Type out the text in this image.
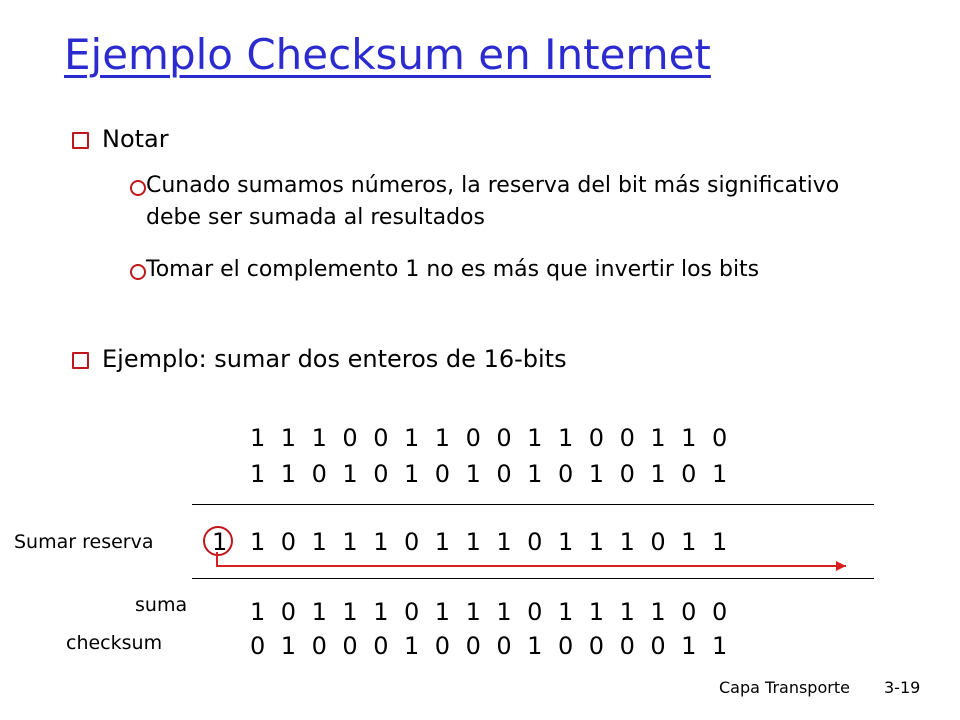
Ejemplo Checksum en Internet
Notar
Cunado sumamos números, la reserva del bit más significativo debe ser sumada al resultados
Tomar el complemento 1 no es más que invertir los bits
Ejemplo: sumar dos enteros de 16-bits
1 1 1 0 0 1 1 0 0 1 1 0 0 1 1 0
1 1 0 1 0 1 0 1 0 1 0 1 0 1 0 1
Sumar reserva 1 1 0 1 1 1 0 1 1 1 0 1 1 1 0 1 1
suma	1 0 1 1 1 0 1 1 1 0 1 1 1 1 0 0
checksum	0 1 0 0 0 1 0 0 0 1 0 0 0 0 1 1
Capa Transporte 3-19
